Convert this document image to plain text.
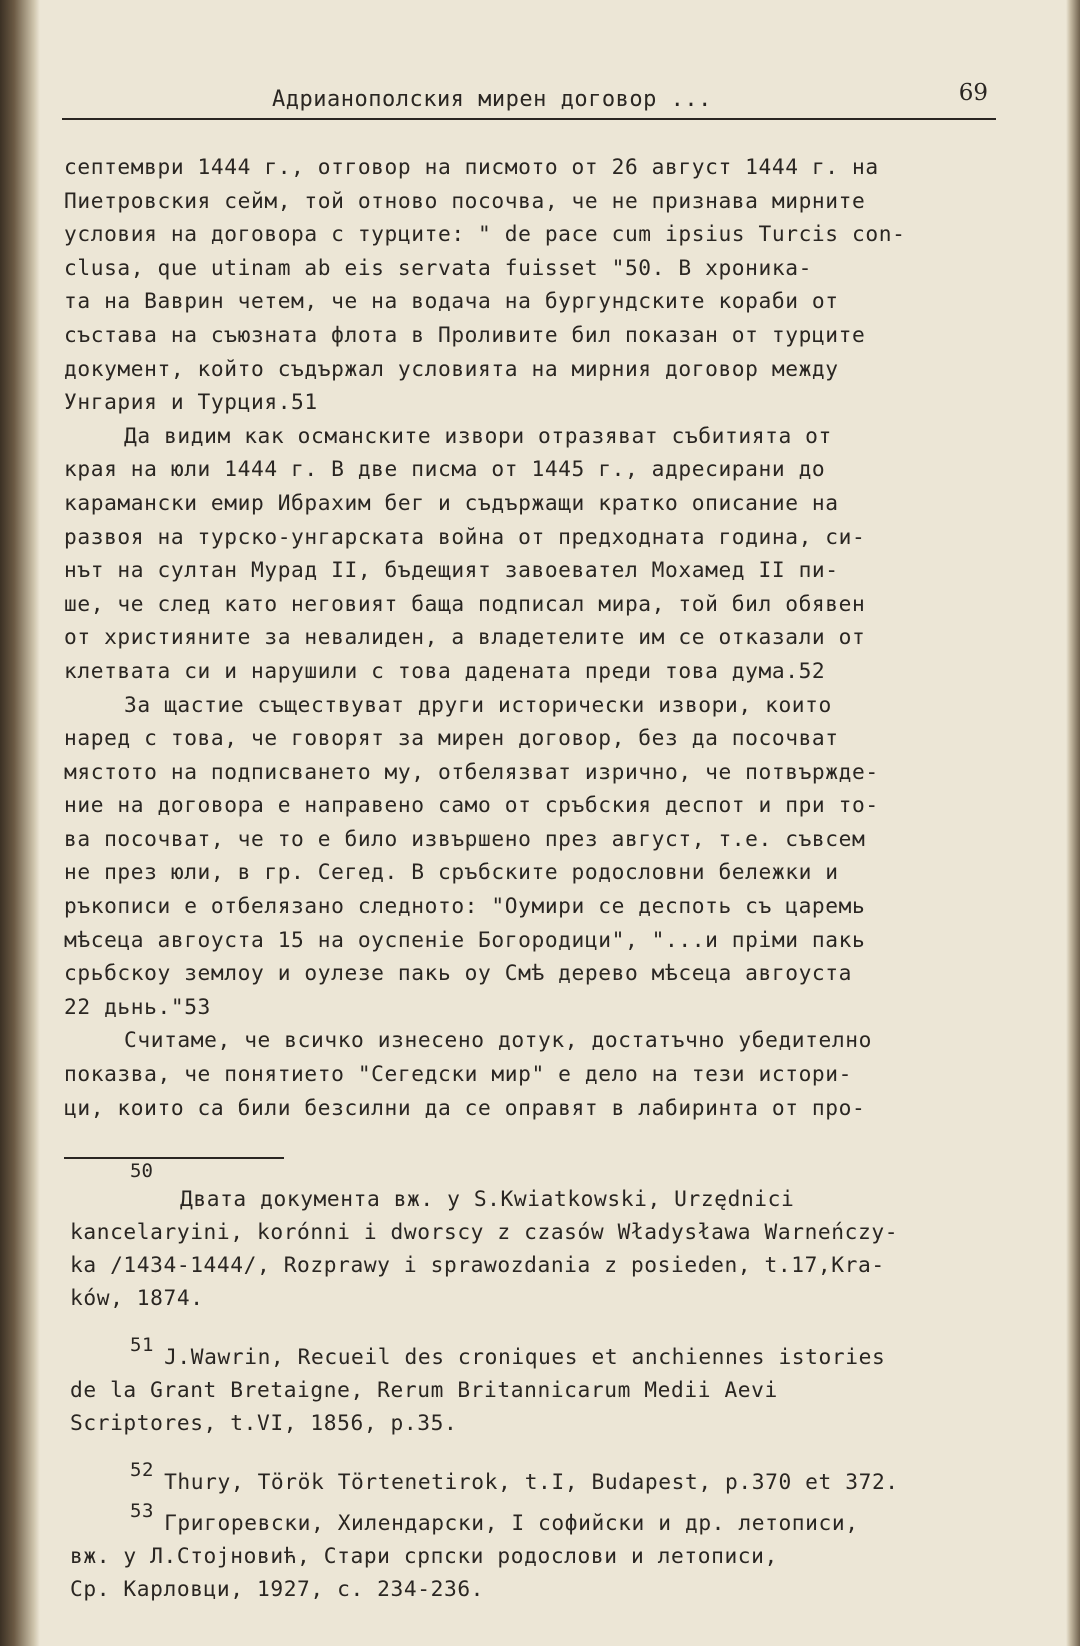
Адрианополския мирен договор ...	69
септември 1444 г., отговор на писмото от 26 август 1444 г. на
Пиетровския сейм, той отново посочва, че не признава мирните
условия на договора с турците: " de pace cum ipsius Turcis con-
clusa, que utinam ab eis servata fuisset "50. В хроника-
та на Ваврин четем, че на водача на бургундските кораби от
състава на съюзната флота в Проливите бил показан от турците
документ, който съдържал условията на мирния договор между
Унгария и Турция.51
Да видим как османските извори отразяват събитията от
края на юли 1444 г. В две писма от 1445 г., адресирани до
карамански емир Ибрахим бег и съдържащи кратко описание на
развоя на турско-унгарската война от предходната година, си-
нът на султан Мурад II, бъдещият завоевател Мохамед II пи-
ше, че след като неговият баща подписал мира, той бил обявен
от християните за невалиден, а владетелите им се отказали от
клетвата си и нарушили с това дадената преди това дума.52
За щастие съществуват други исторически извори, които
наред с това, че говорят за мирен договор, без да посочват
мястото на подписването му, отбелязват изрично, че потвържде-
ние на договора е направено само от сръбския деспот и при то-
ва посочват, че то е било извършено през август, т.е. съвсем
не през юли, в гр. Сегед. В сръбските родословни бележки и
ръкописи е отбелязано следното: "Оумири се деспоть съ царемь
мѣсеца авгоуста 15 на оуспеніе Богородици", "...и пріми пакь
срьбскоу землоу и оулезе пакь оу Смѣ дерево мѣсеца авгоуста
22 дьнь."53
Считаме, че всичко изнесено дотук, достатъчно убедително
показва, че понятието "Сегедски мир" е дело на тези истори-
ци, които са били безсилни да се оправят в лабиринта от про-
50
Двата документа вж. у S.Kwiatkowski, Urzędnici
kancelaryini, korónni i dworscy z czasów Władysława Warneńczy-
ka /1434-1444/, Rozprawy i sprawozdania z posieden, t.17,Kra-
ków, 1874.
51 J.Wawrin, Recueil des croniques et anchiennes istories
de la Grant Bretaigne, Rerum Britannicarum Medii Aevi
Scriptores, t.VI, 1856, p.35.
52 Thury, Török Törtenetirok, t.I, Budapest, p.370 et 372.
53 Григоревски, Хилендарски, I софийски и др. летописи,
вж. у Л.Стојновић, Стари српски родослови и летописи,
Ср. Карловци, 1927, с. 234-236.
